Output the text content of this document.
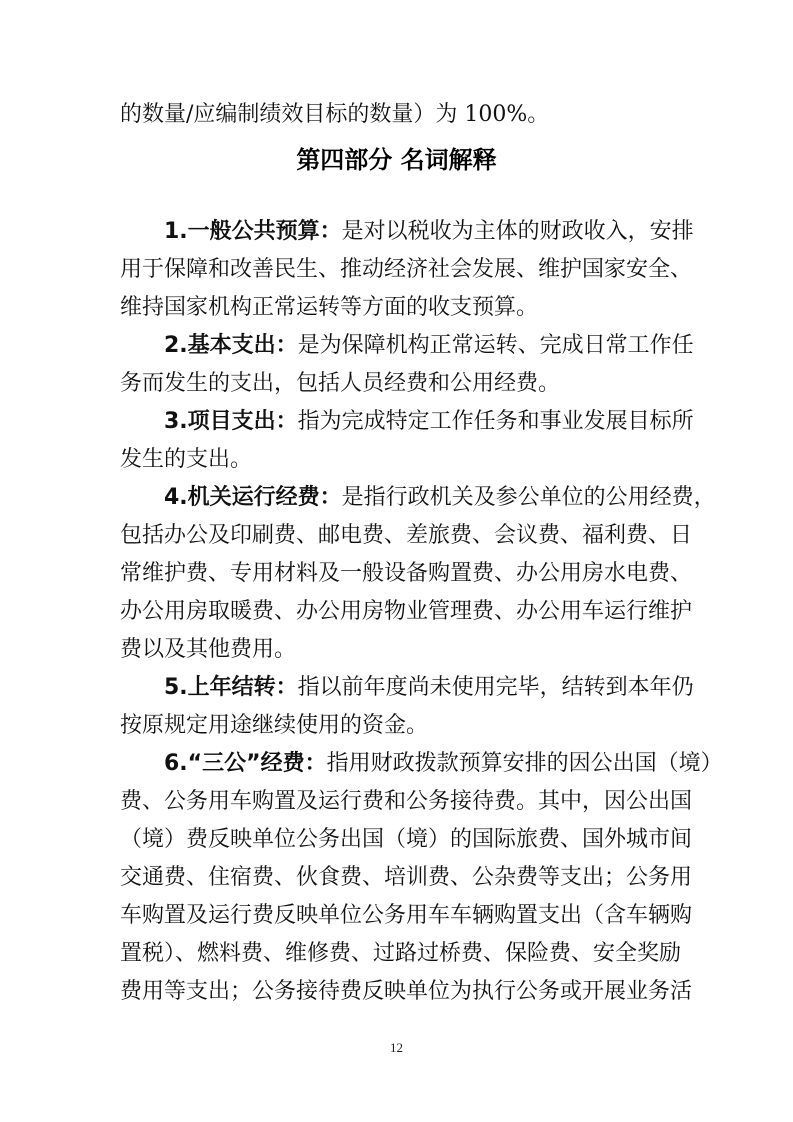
的数量/应编制绩效目标的数量）为 100%。
第四部分 名词解释
1.一般公共预算：是对以税收为主体的财政收入，安排
用于保障和改善民生、推动经济社会发展、维护国家安全、
维持国家机构正常运转等方面的收支预算。
2.基本支出：是为保障机构正常运转、完成日常工作任
务而发生的支出，包括人员经费和公用经费。
3.项目支出：指为完成特定工作任务和事业发展目标所
发生的支出。
4.机关运行经费：是指行政机关及参公单位的公用经费，
包括办公及印刷费、邮电费、差旅费、会议费、福利费、日
常维护费、专用材料及一般设备购置费、办公用房水电费、
办公用房取暖费、办公用房物业管理费、办公用车运行维护
费以及其他费用。
5.上年结转：指以前年度尚未使用完毕，结转到本年仍
按原规定用途继续使用的资金。
6.“三公”经费：指用财政拨款预算安排的因公出国（境）
费、公务用车购置及运行费和公务接待费。其中，因公出国
（境）费反映单位公务出国（境）的国际旅费、国外城市间
交通费、住宿费、伙食费、培训费、公杂费等支出；公务用
车购置及运行费反映单位公务用车车辆购置支出（含车辆购
置税）、燃料费、维修费、过路过桥费、保险费、安全奖励
费用等支出；公务接待费反映单位为执行公务或开展业务活
12
